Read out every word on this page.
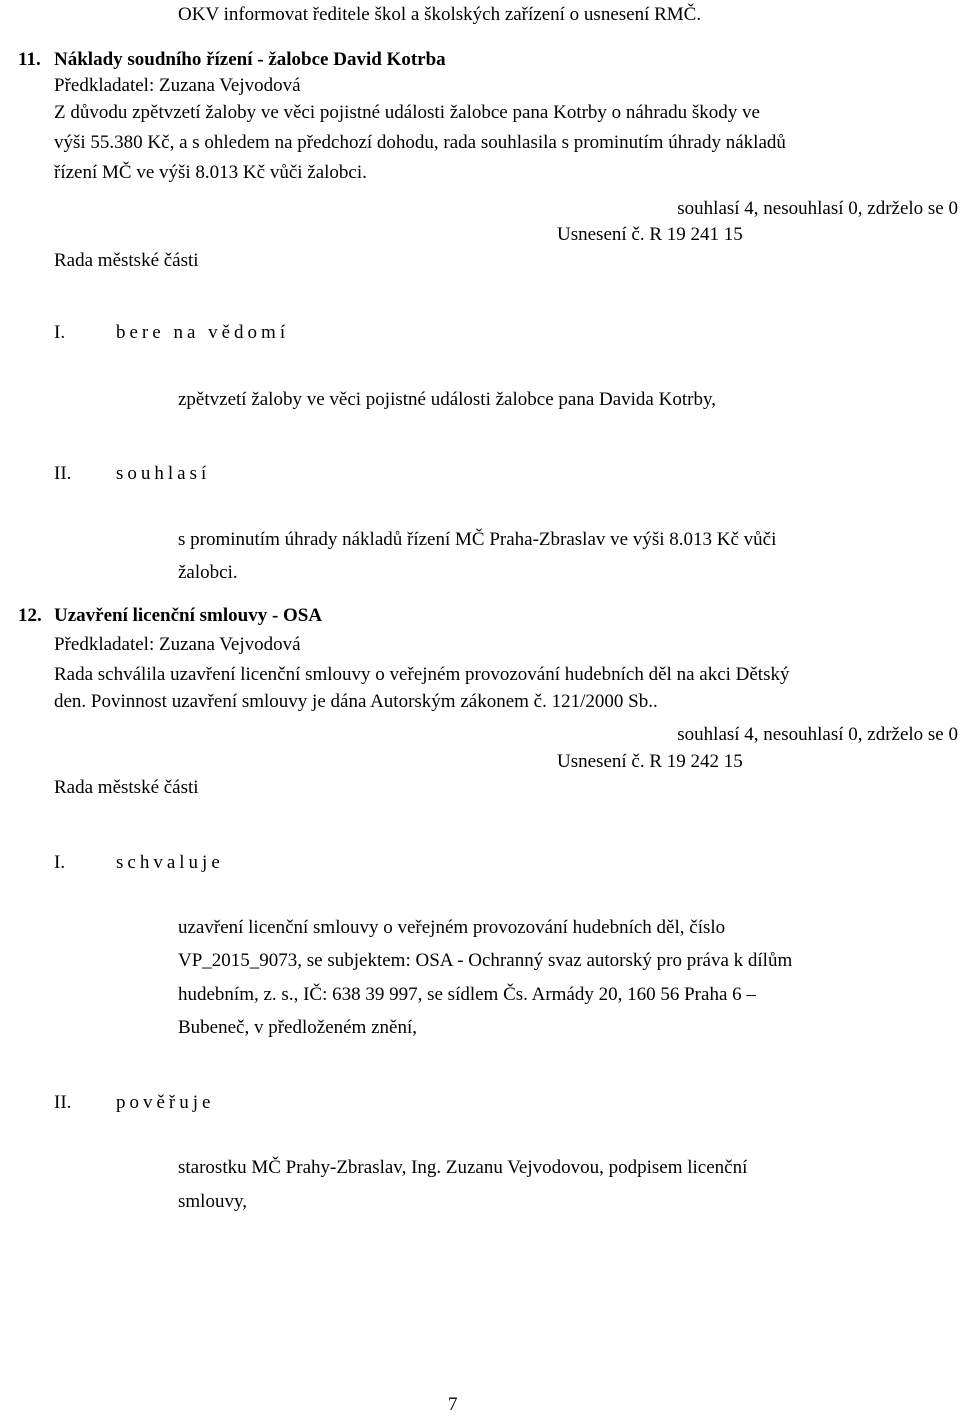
OKV informovat ředitele škol a školských zařízení o usnesení RMČ.
11. Náklady soudního řízení - žalobce David Kotrba
Předkladatel: Zuzana Vejvodová
Z důvodu zpětvzetí žaloby ve věci pojistné události žalobce pana Kotrby o náhradu škody ve
výši 55.380 Kč, a s ohledem na předchozí dohodu, rada souhlasila s prominutím úhrady nákladů
řízení MČ ve výši 8.013 Kč vůči žalobci.
souhlasí 4, nesouhlasí 0, zdrželo se 0
Usnesení č. R 19 241 15
Rada městské části
I.	bere na vědomí
zpětvzetí žaloby ve věci pojistné události žalobce pana Davida Kotrby,
II. souhlasí
s prominutím úhrady nákladů řízení MČ Praha-Zbraslav ve výši 8.013 Kč vůči
žalobci.
12. Uzavření licenční smlouvy - OSA
Předkladatel: Zuzana Vejvodová
Rada schválila uzavření licenční smlouvy o veřejném provozování hudebních děl na akci Dětský
den. Povinnost uzavření smlouvy je dána Autorským zákonem č. 121/2000 Sb..
souhlasí 4, nesouhlasí 0, zdrželo se 0
Usnesení č. R 19 242 15
Rada městské části
I.	schvaluje
uzavření licenční smlouvy o veřejném provozování hudebních děl, číslo
VP_2015_9073, se subjektem: OSA - Ochranný svaz autorský pro práva k dílům
hudebním, z. s., IČ: 638 39 997, se sídlem Čs. Armády 20, 160 56 Praha 6 –
Bubeneč, v předloženém znění,
II. pověřuje
starostku MČ Prahy-Zbraslav, Ing. Zuzanu Vejvodovou, podpisem licenční
smlouvy,
7
